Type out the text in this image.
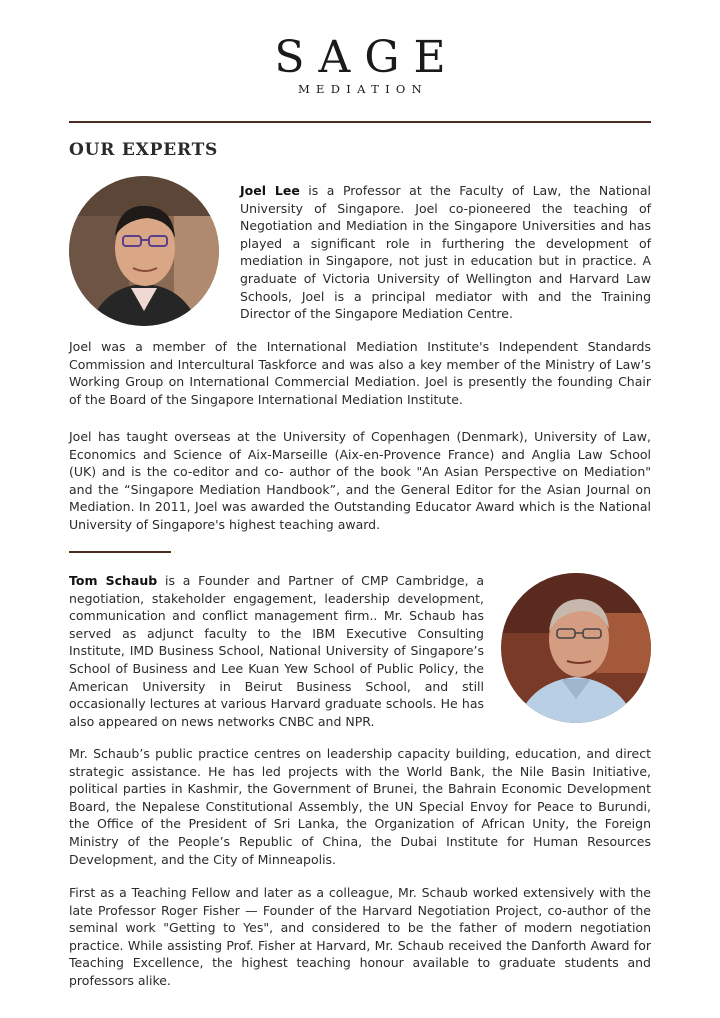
SAGE
MEDIATION
OUR EXPERTS

Joel Lee is a Professor at the Faculty of Law, the National University of Singapore. Joel co-pioneered the teaching of Negotiation and Mediation in the Singapore Universities and has played a significant role in furthering the development of mediation in Singapore, not just in education but in practice. A graduate of Victoria University of Wellington and Harvard Law Schools, Joel is a principal mediator with and the Training Director of the Singapore Mediation Centre.

Joel was a member of the International Mediation Institute's Independent Standards Commission and Intercultural Taskforce and was also a key member of the Ministry of Law’s Working Group on International Commercial Mediation. Joel is presently the founding Chair of the Board of the Singapore International Mediation Institute.

Joel has taught overseas at the University of Copenhagen (Denmark), University of Law, Economics and Science of Aix-Marseille (Aix-en-Provence France) and Anglia Law School (UK) and is the co-editor and co- author of the book "An Asian Perspective on Mediation" and the “Singapore Mediation Handbook”, and the General Editor for the Asian Journal on Mediation. In 2011, Joel was awarded the Outstanding Educator Award which is the National University of Singapore's highest teaching award.

Tom Schaub is a Founder and Partner of CMP Cambridge, a negotiation, stakeholder engagement, leadership development, communication and conflict management firm.. Mr. Schaub has served as adjunct faculty to the IBM Executive Consulting Institute, IMD Business School, National University of Singapore’s School of Business and Lee Kuan Yew School of Public Policy, the American University in Beirut Business School, and still occasionally lectures at various Harvard graduate schools. He has also appeared on news networks CNBC and NPR.

Mr. Schaub’s public practice centres on leadership capacity building, education, and direct strategic assistance. He has led projects with the World Bank, the Nile Basin Initiative, political parties in Kashmir, the Government of Brunei, the Bahrain Economic Development Board, the Nepalese Constitutional Assembly, the UN Special Envoy for Peace to Burundi, the Office of the President of Sri Lanka, the Organization of African Unity, the Foreign Ministry of the People’s Republic of China, the Dubai Institute for Human Resources Development, and the City of Minneapolis.

First as a Teaching Fellow and later as a colleague, Mr. Schaub worked extensively with the late Professor Roger Fisher — Founder of the Harvard Negotiation Project, co-author of the seminal work "Getting to Yes", and considered to be the father of modern negotiation practice. While assisting Prof. Fisher at Harvard, Mr. Schaub received the Danforth Award for Teaching Excellence, the highest teaching honour available to graduate students and professors alike.
